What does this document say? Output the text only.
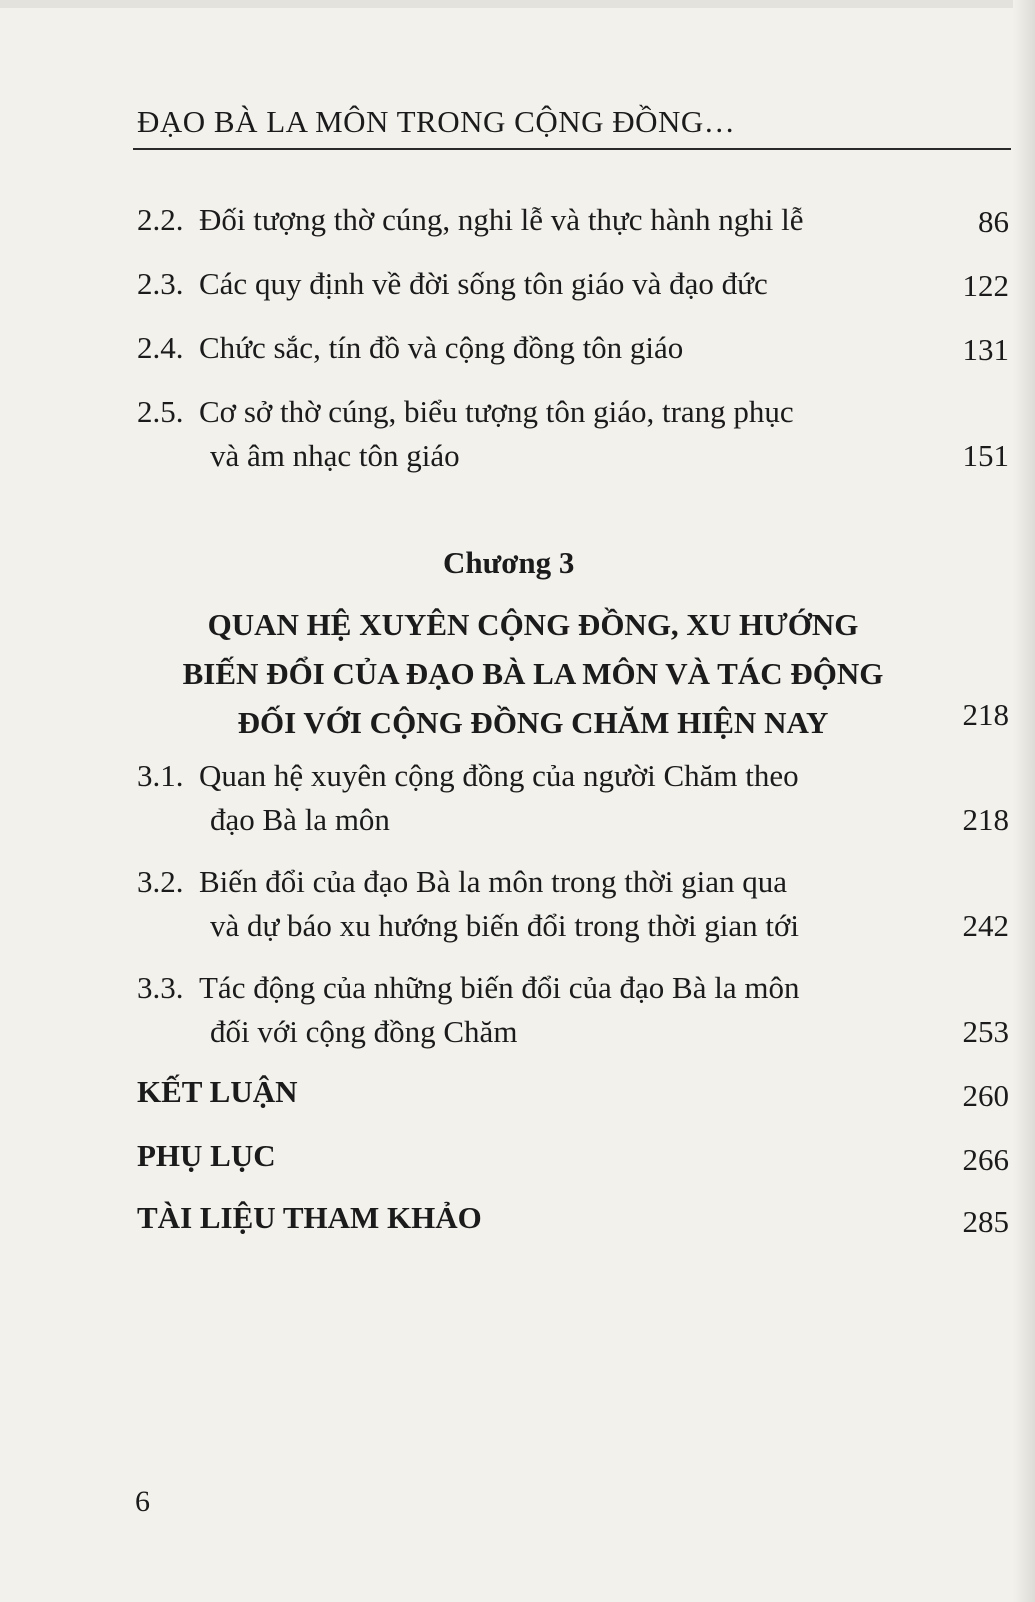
ĐẠO BÀ LA MÔN TRONG CỘNG ĐỒNG…
2.2. Đối tượng thờ cúng, nghi lễ và thực hành nghi lễ	86
2.3. Các quy định về đời sống tôn giáo và đạo đức	122
2.4. Chức sắc, tín đồ và cộng đồng tôn giáo	131
2.5. Cơ sở thờ cúng, biểu tượng tôn giáo, trang phục
và âm nhạc tôn giáo	151
Chương 3
QUAN HỆ XUYÊN CỘNG ĐỒNG, XU HƯỚNG
BIẾN ĐỔI CỦA ĐẠO BÀ LA MÔN VÀ TÁC ĐỘNG
ĐỐI VỚI CỘNG ĐỒNG CHĂM HIỆN NAY	218
3.1. Quan hệ xuyên cộng đồng của người Chăm theo
đạo Bà la môn	218
3.2. Biến đổi của đạo Bà la môn trong thời gian qua
và dự báo xu hướng biến đổi trong thời gian tới	242
3.3. Tác động của những biến đổi của đạo Bà la môn
đối với cộng đồng Chăm	253
KẾT LUẬN	260
PHỤ LỤC	266
TÀI LIỆU THAM KHẢO	285
6
